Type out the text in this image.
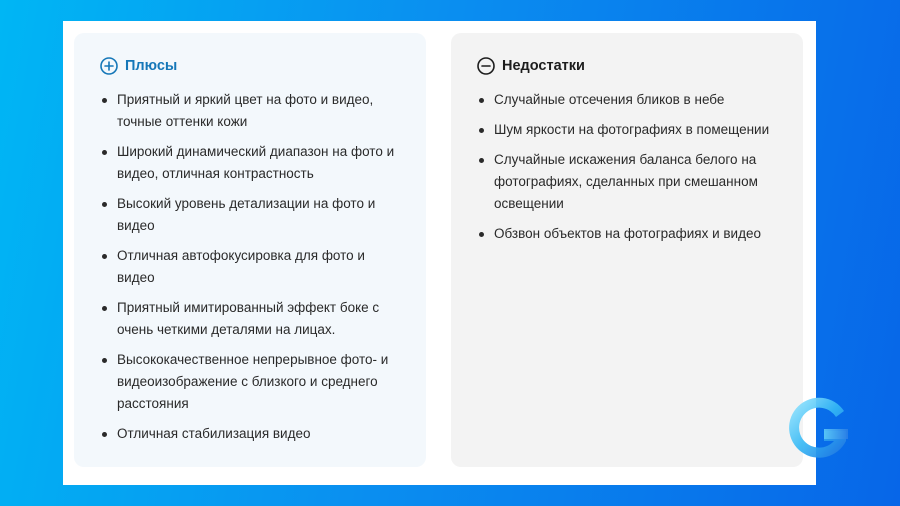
Плюсы
Приятный и яркий цвет на фото и видео, точные оттенки кожи
Широкий динамический диапазон на фото и видео, отличная контрастность
Высокий уровень детализации на фото и видео
Отличная автофокусировка для фото и видео
Приятный имитированный эффект боке с очень четкими деталями на лицах.
Высококачественное непрерывное фото- и видеоизображение с близкого и среднего расстояния
Отличная стабилизация видео
Недостатки
Случайные отсечения бликов в небе
Шум яркости на фотографиях в помещении
Случайные искажения баланса белого на фотографиях, сделанных при смешанном освещении
Обзвон объектов на фотографиях и видео
